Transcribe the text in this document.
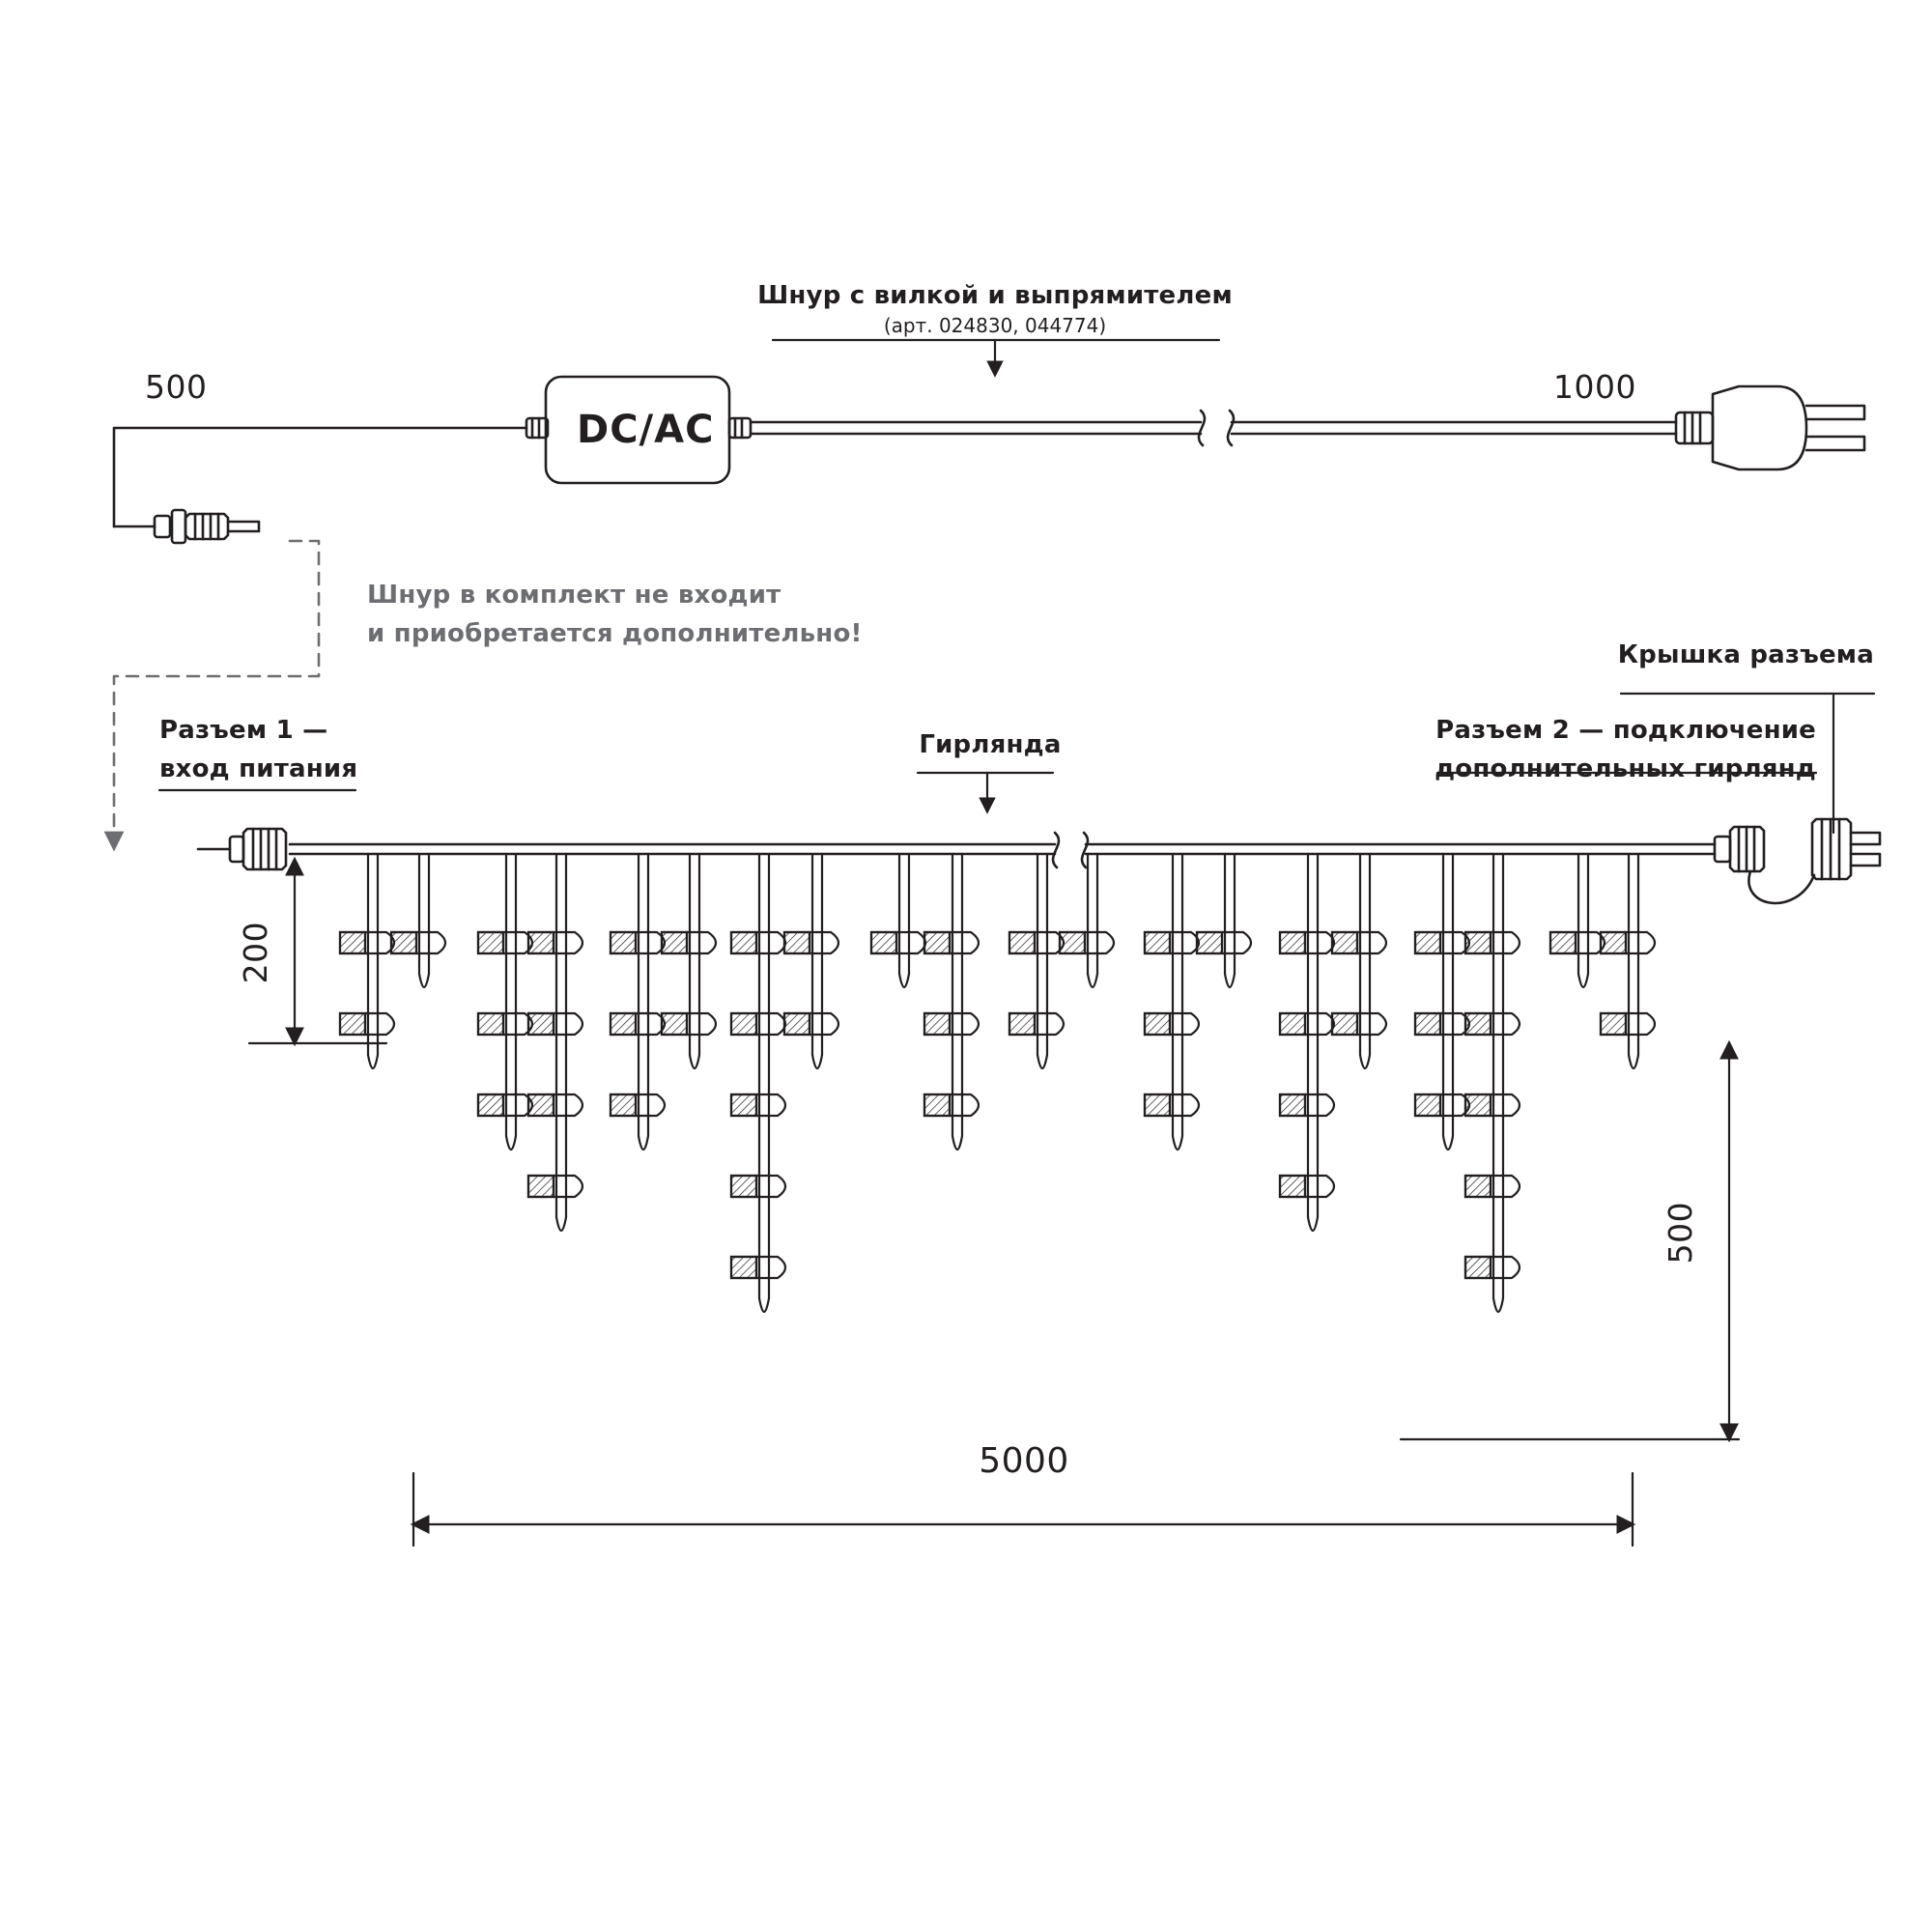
500	1000
Шнур с вилкой и выпрямителем
(арт. 024830, 044774)
DC/AC
Шнур в комплект не входит
и приобретается дополнительно!
Разъем 1 —
вход питания
Гирлянда	Разъем 2 — подключение
дополнительных гирлянд
Крышка разъема
200
500
5000
